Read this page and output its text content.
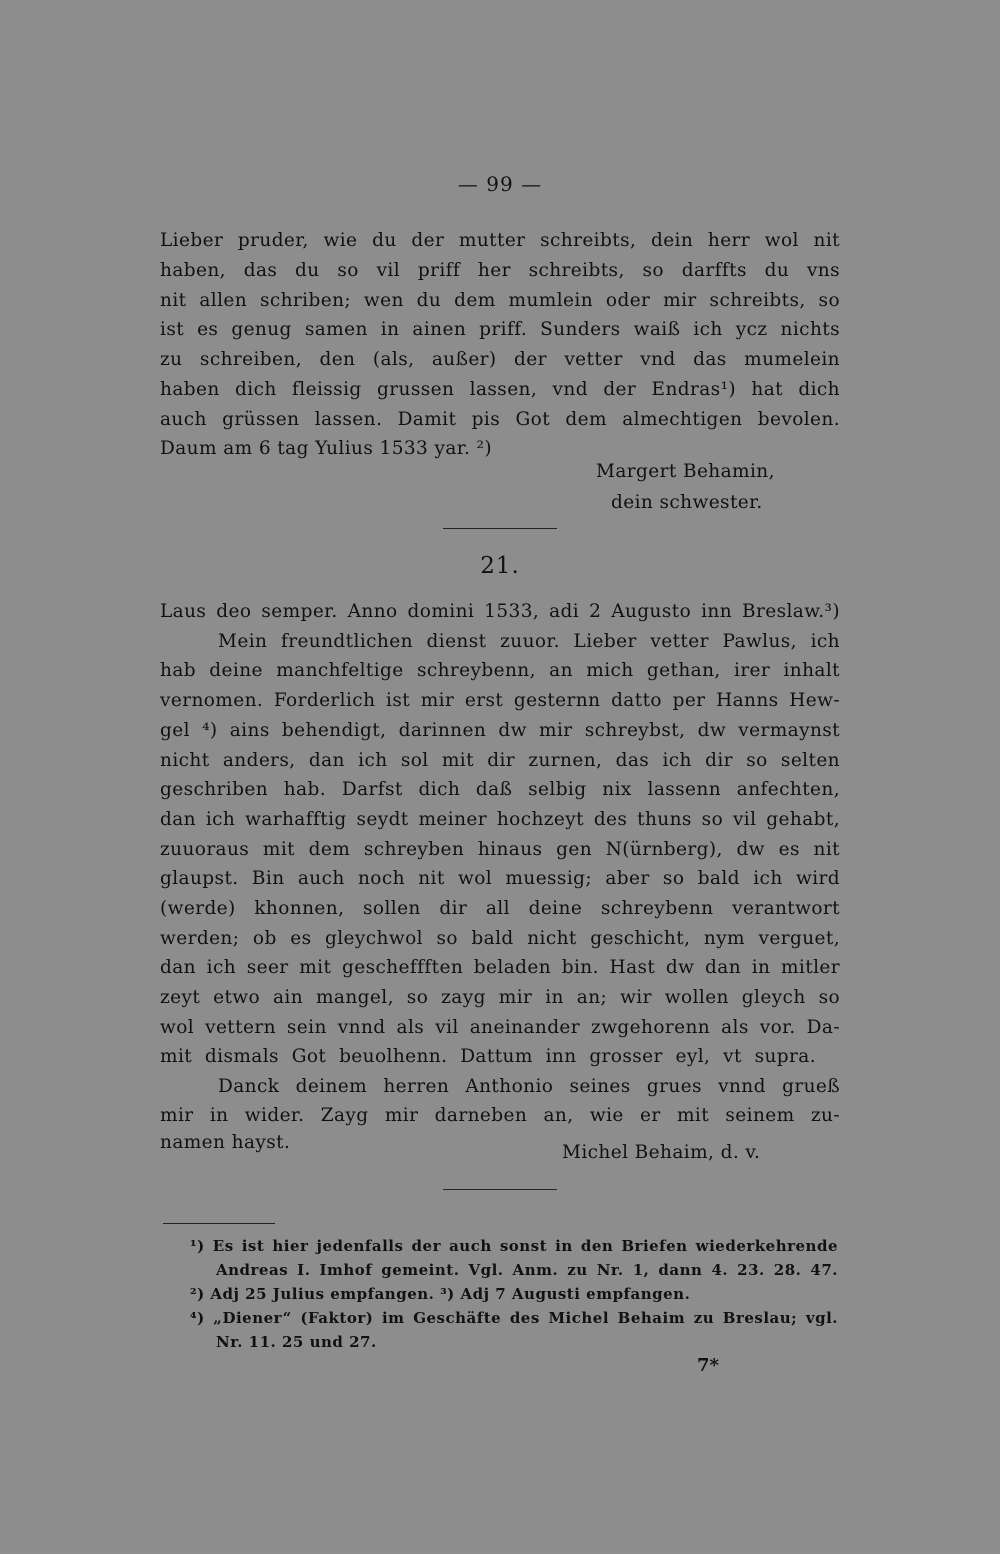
— 99 —
Lieber pruder, wie du der mutter schreibts, dein herr wol nit
haben, das du so vil priff her schreibts, so darffts du vns
nit allen schriben; wen du dem mumlein oder mir schreibts, so
ist es genug samen in ainen priff. Sunders waiß ich ycz nichts
zu schreiben, den (als, außer) der vetter vnd das mumelein
haben dich fleissig grussen lassen, vnd der Endras¹) hat dich
auch grüssen lassen. Damit pis Got dem almechtigen bevolen.
Daum am 6 tag Yulius 1533 yar. ²)
Margert Behamin,
dein schwester.
21.
Laus deo semper. Anno domini 1533, adi 2 Augusto inn Breslaw.³)
Mein freundtlichen dienst zuuor. Lieber vetter Pawlus, ich
hab deine manchfeltige schreybenn, an mich gethan, irer inhalt
vernomen. Forderlich ist mir erst gesternn datto per Hanns Hew-
gel ⁴) ains behendigt, darinnen dw mir schreybst, dw vermaynst
nicht anders, dan ich sol mit dir zurnen, das ich dir so selten
geschriben hab. Darfst dich daß selbig nix lassenn anfechten,
dan ich warhafftig seydt meiner hochzeyt des thuns so vil gehabt,
zuuoraus mit dem schreyben hinaus gen N(ürnberg), dw es nit
glaupst. Bin auch noch nit wol muessig; aber so bald ich wird
(werde) khonnen, sollen dir all deine schreybenn verantwort
werden; ob es gleychwol so bald nicht geschicht, nym verguet,
dan ich seer mit gescheffften beladen bin. Hast dw dan in mitler
zeyt etwo ain mangel, so zayg mir in an; wir wollen gleych so
wol vettern sein vnnd als vil aneinander zwgehorenn als vor. Da-
mit dismals Got beuolhenn. Dattum inn grosser eyl, vt supra.
Danck deinem herren Anthonio seines grues vnnd grueß
mir in wider. Zayg mir darneben an, wie er mit seinem zu-
namen hayst.	Michel Behaim, d. v.
¹) Es ist hier jedenfalls der auch sonst in den Briefen wiederkehrende
Andreas I. Imhof gemeint. Vgl. Anm. zu Nr. 1, dann 4. 23. 28. 47.
²) Adj 25 Julius empfangen. ³) Adj 7 Augusti empfangen.
⁴) „Diener“ (Faktor) im Geschäfte des Michel Behaim zu Breslau; vgl.
Nr. 11. 25 und 27.
7*
